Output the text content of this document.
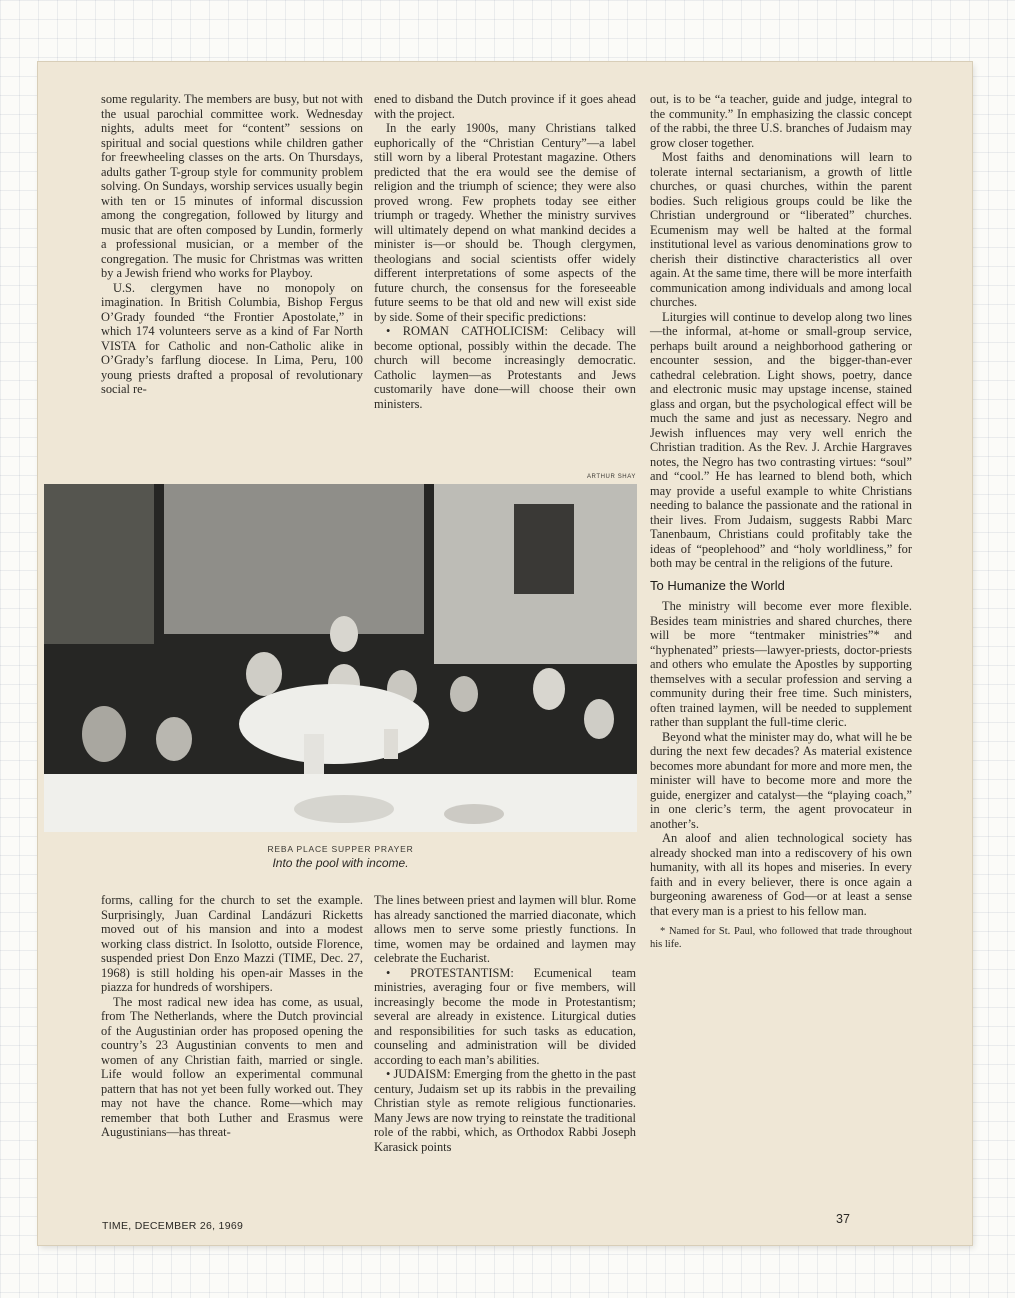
some regularity. The members are busy, but not with the usual parochial committee work. Wednesday nights, adults meet for “content” sessions on spiritual and social questions while children gather for freewheeling classes on the arts. On Thursdays, adults gather T-group style for community problem solving. On Sundays, worship services usually begin with ten or 15 minutes of informal discussion among the congregation, followed by liturgy and music that are often composed by Lundin, formerly a professional musician, or a member of the congregation. The music for Christmas was written by a Jewish friend who works for Playboy.

U.S. clergymen have no monopoly on imagination. In British Columbia, Bishop Fergus O’Grady founded “the Frontier Apostolate,” in which 174 volunteers serve as a kind of Far North VISTA for Catholic and non-Catholic alike in O’Grady’s farflung diocese. In Lima, Peru, 100 young priests drafted a proposal of revolutionary social re-

ened to disband the Dutch province if it goes ahead with the project.

In the early 1900s, many Christians talked euphorically of the “Christian Century”—a label still worn by a liberal Protestant magazine. Others predicted that the era would see the demise of religion and the triumph of science; they were also proved wrong. Few prophets today see either triumph or tragedy. Whether the ministry survives will ultimately depend on what mankind decides a minister is—or should be. Though clergymen, theologians and social scientists offer widely different interpretations of some aspects of the future church, the consensus for the foreseeable future seems to be that old and new will exist side by side. Some of their specific predictions:

• ROMAN CATHOLICISM: Celibacy will become optional, possibly within the decade. The church will become increasingly democratic. Catholic laymen—as Protestants and Jews customarily have done—will choose their own ministers.

ARTHUR SHAY
REBA PLACE SUPPER PRAYER
Into the pool with income.

forms, calling for the church to set the example. Surprisingly, Juan Cardinal Landázuri Ricketts moved out of his mansion and into a modest working class district. In Isolotto, outside Florence, suspended priest Don Enzo Mazzi (TIME, Dec. 27, 1968) is still holding his open-air Masses in the piazza for hundreds of worshipers.

The most radical new idea has come, as usual, from The Netherlands, where the Dutch provincial of the Augustinian order has proposed opening the country’s 23 Augustinian convents to men and women of any Christian faith, married or single. Life would follow an experimental communal pattern that has not yet been fully worked out. They may not have the chance. Rome—which may remember that both Luther and Erasmus were Augustinians—has threat-

The lines between priest and laymen will blur. Rome has already sanctioned the married diaconate, which allows men to serve some priestly functions. In time, women may be ordained and laymen may celebrate the Eucharist.

• PROTESTANTISM: Ecumenical team ministries, averaging four or five members, will increasingly become the mode in Protestantism; several are already in existence. Liturgical duties and responsibilities for such tasks as education, counseling and administration will be divided according to each man’s abilities.

• JUDAISM: Emerging from the ghetto in the past century, Judaism set up its rabbis in the prevailing Christian style as remote religious functionaries. Many Jews are now trying to reinstate the traditional role of the rabbi, which, as Orthodox Rabbi Joseph Karasick points

out, is to be “a teacher, guide and judge, integral to the community.” In emphasizing the classic concept of the rabbi, the three U.S. branches of Judaism may grow closer together.

Most faiths and denominations will learn to tolerate internal sectarianism, a growth of little churches, or quasi churches, within the parent bodies. Such religious groups could be like the Christian underground or “liberated” churches. Ecumenism may well be halted at the formal institutional level as various denominations grow to cherish their distinctive characteristics all over again. At the same time, there will be more interfaith communication among individuals and among local churches.

Liturgies will continue to develop along two lines—the informal, at-home or small-group service, perhaps built around a neighborhood gathering or encounter session, and the bigger-than-ever cathedral celebration. Light shows, poetry, dance and electronic music may upstage incense, stained glass and organ, but the psychological effect will be much the same and just as necessary. Negro and Jewish influences may very well enrich the Christian tradition. As the Rev. J. Archie Hargraves notes, the Negro has two contrasting virtues: “soul” and “cool.” He has learned to blend both, which may provide a useful example to white Christians needing to balance the passionate and the rational in their lives. From Judaism, suggests Rabbi Marc Tanenbaum, Christians could profitably take the ideas of “peoplehood” and “holy worldliness,” for both may be central in the religions of the future.

To Humanize the World

The ministry will become ever more flexible. Besides team ministries and shared churches, there will be more “tentmaker ministries”* and “hyphenated” priests—lawyer-priests, doctor-priests and others who emulate the Apostles by supporting themselves with a secular profession and serving a community during their free time. Such ministers, often trained laymen, will be needed to supplement rather than supplant the full-time cleric.

Beyond what the minister may do, what will he be during the next few decades? As material existence becomes more abundant for more and more men, the minister will have to become more and more the guide, energizer and catalyst—the “playing coach,” in one cleric’s term, the agent provocateur in another’s.

An aloof and alien technological society has already shocked man into a rediscovery of his own humanity, with all its hopes and miseries. In every faith and in every believer, there is once again a burgeoning awareness of God—or at least a sense that every man is a priest to his fellow man.

* Named for St. Paul, who followed that trade throughout his life.

TIME, DECEMBER 26, 1969	37
